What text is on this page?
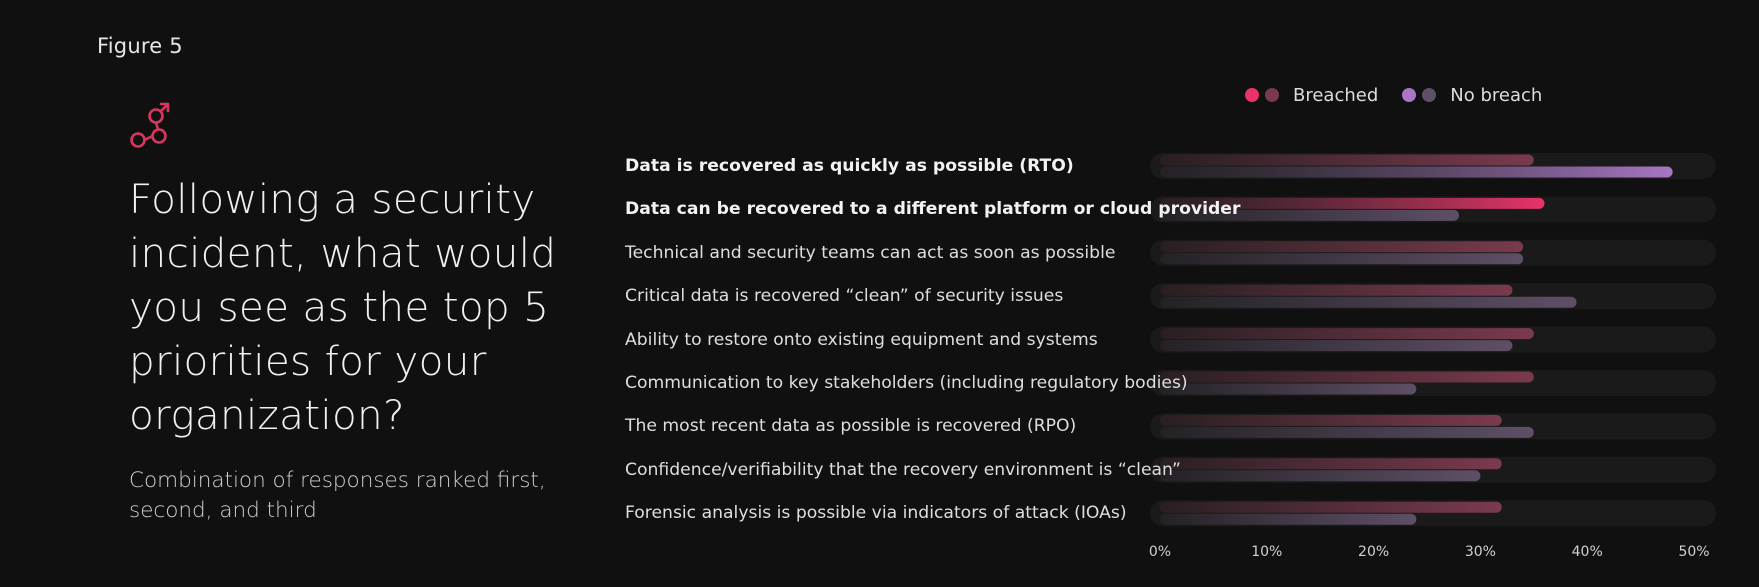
Figure 5
Following a security incident, what would you see as the top 5 priorities for your organization?
Combination of responses ranked first, second, and third
Breached	No breach
Data is recovered as quickly as possible (RTO)
Data can be recovered to a different platform or cloud provider
Technical and security teams can act as soon as possible
Critical data is recovered “clean” of security issues
Ability to restore onto existing equipment and systems
Communication to key stakeholders (including regulatory bodies)
The most recent data as possible is recovered (RPO)
Confidence/verifiability that the recovery environment is “clean”
Forensic analysis is possible via indicators of attack (IOAs)
0%	10%	20%	30%	40%	50%
